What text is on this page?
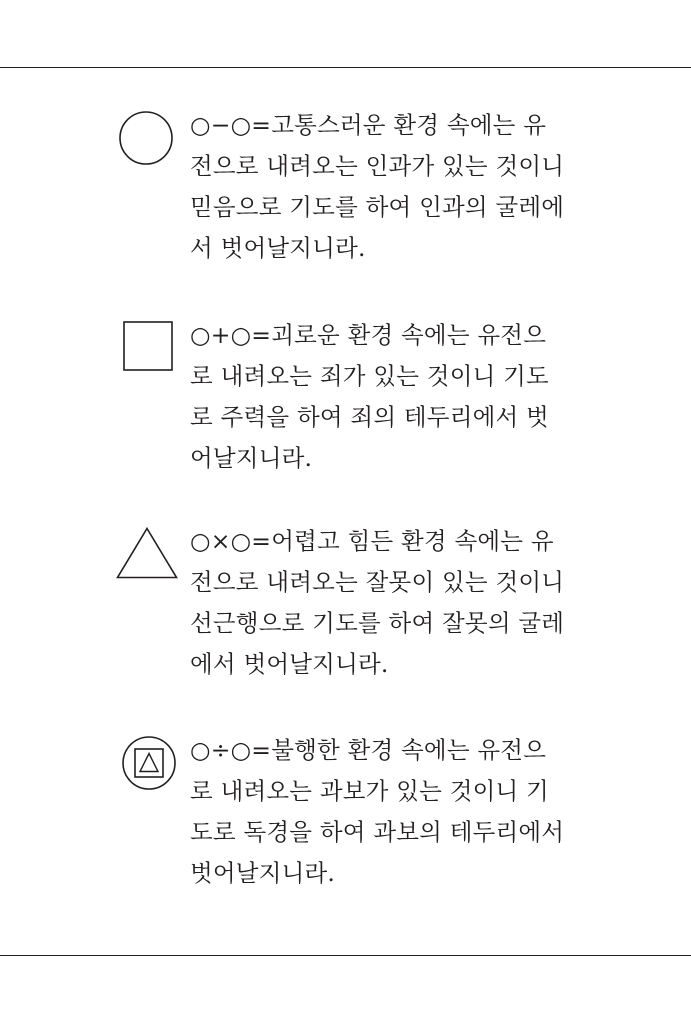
○−○=고통스러운 환경 속에는 유
전으로 내려오는 인과가 있는 것이니
믿음으로 기도를 하여 인과의 굴레에
서 벗어날지니라.

○+○=괴로운 환경 속에는 유전으
로 내려오는 죄가 있는 것이니 기도
로 주력을 하여 죄의 테두리에서 벗
어날지니라.

○×○=어렵고 힘든 환경 속에는 유
전으로 내려오는 잘못이 있는 것이니
선근행으로 기도를 하여 잘못의 굴레
에서 벗어날지니라.

○÷○=불행한 환경 속에는 유전으
로 내려오는 과보가 있는 것이니 기
도로 독경을 하여 과보의 테두리에서
벗어날지니라.
